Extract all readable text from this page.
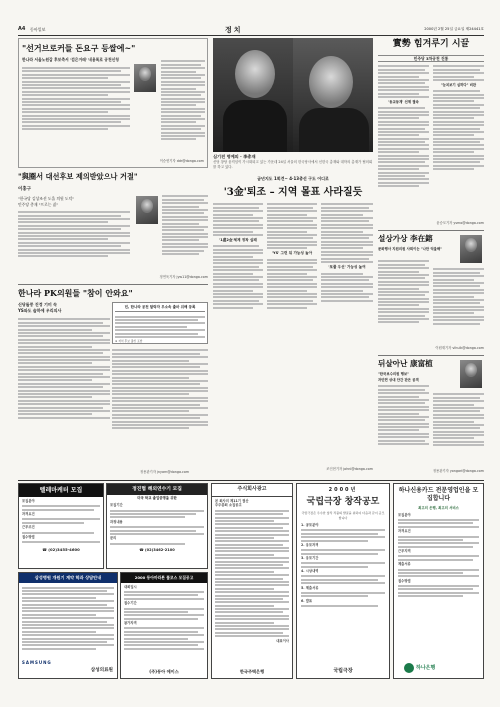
A4 동아일보	정치	2000년 2월 25일 금요일 제24441호
"선거브로커들 돈요구 등쌀에~"
한나라 서울노원갑 후보측서 '검은거래' 내용폭로 공천신청
이승헌기자 ddr@donga.com
"與圈서 대선후보 제의받았으나 거절"
이홍구
"한국당 김상조선 도울 의원 도덕"
민주당 총재 "프로는 싫"
정연욱기자 jyw11@donga.com
한나라 PK의원들 "참이 안와요"
신당돌풍 진정 기미 속
YS와도 슬하에 우리의사
민, 한나라 공천 탈락자 무소속 출마 위해 등록
※ 저녁 후보 출신 포함
정용관기자 jnyarn@donga.com
심기전 명예의 · 李총재
신당 창당 움직임이 가시화되고 있는 가운데 24일 서울의 한국당사에서 신한국 총재와 대학의 총재가 협의회를 하고 있다.
금년지도 1회견~ 4·13총선 구도 어디로
'3金'퇴조 – 지역 몰표 사라질듯
'1盧2金'체제 정착 실패
'YS' 그런 뒤 가능성 높아
'포퓰 우선' 가능성 높여
조인현기자 johni@donga.com
實勢 힘겨루기 시끌
민주당 3차공천 진통
'동교동계' 선제 결속
"눈치보기 심하다" 비판
윤승모기자 ysmo@donga.com
설상가상 李在鎔
문화행사 지원의원 사퇴이는 "나만 억울해"
이원재기자 vlhulk@donga.com
뒤살아난 康富植
"한국보수의원 행보"
자민련 상대 안간 판은 공격
정용관기자 yongari@donga.com
텔레마케터 모집
모집분야
자격요건
근무조건
접수방법
☎ (02)3455-4600
정진협 해외연수기 모집
미국 학교 졸업증명을 위한
모집기간
과정내용
문의
☎ (02)3462-2100
주식회사광고
본 회사의 제11기 결산
주주총회 소집공고
대표이사
한국주택은행
삼성병원 개원기 계약 학과 상담안내
SAMSUNG
삼성의료원
2000 동아마라톤 풀코스 모집공고
대회일시
접수기간
참가자격
(주)동아 에이스
2000년
국립극장 창작공모
국립극장은 우수한 창작 작품의 발굴을 위하여 다음과 같이 공모합니다
1. 공모분야
2. 응모자격
3. 응모기간
4. 시상내역
5. 제출서류
6. 발표
국립극장
하나신용카드 전문영업인을 모집합니다
최고의 은행, 최고의 서비스
모집분야
자격요건
근무지역
제출서류
접수방법
하나은행
